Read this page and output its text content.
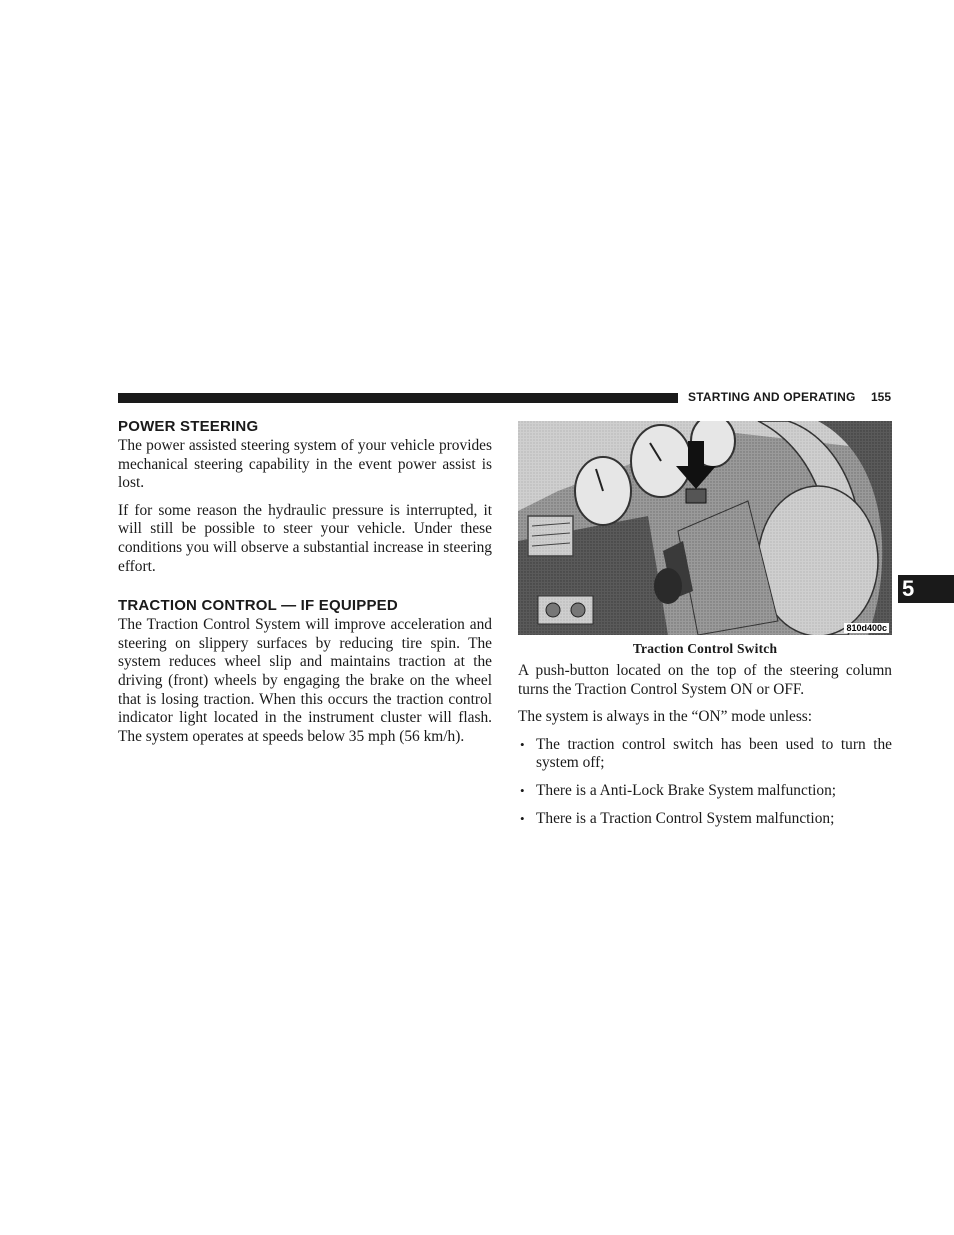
STARTING AND OPERATING 155
5
POWER STEERING

The power assisted steering system of your vehicle provides mechanical steering capability in the event power assist is lost.

If for some reason the hydraulic pressure is interrupted, it will still be possible to steer your vehicle. Under these conditions you will observe a substantial increase in steering effort.

TRACTION CONTROL — IF EQUIPPED

The Traction Control System will improve acceleration and steering on slippery surfaces by reducing tire spin. The system reduces wheel slip and maintains traction at the driving (front) wheels by engaging the brake on the wheel that is losing traction. When this occurs the traction control indicator light located in the instrument cluster will flash. The system operates at speeds below 35 mph (56 km/h).

810d400c
Traction Control Switch

A push-button located on the top of the steering column turns the Traction Control System ON or OFF.

The system is always in the “ON” mode unless:

• The traction control switch has been used to turn the system off;
• There is a Anti-Lock Brake System malfunction;
• There is a Traction Control System malfunction;
